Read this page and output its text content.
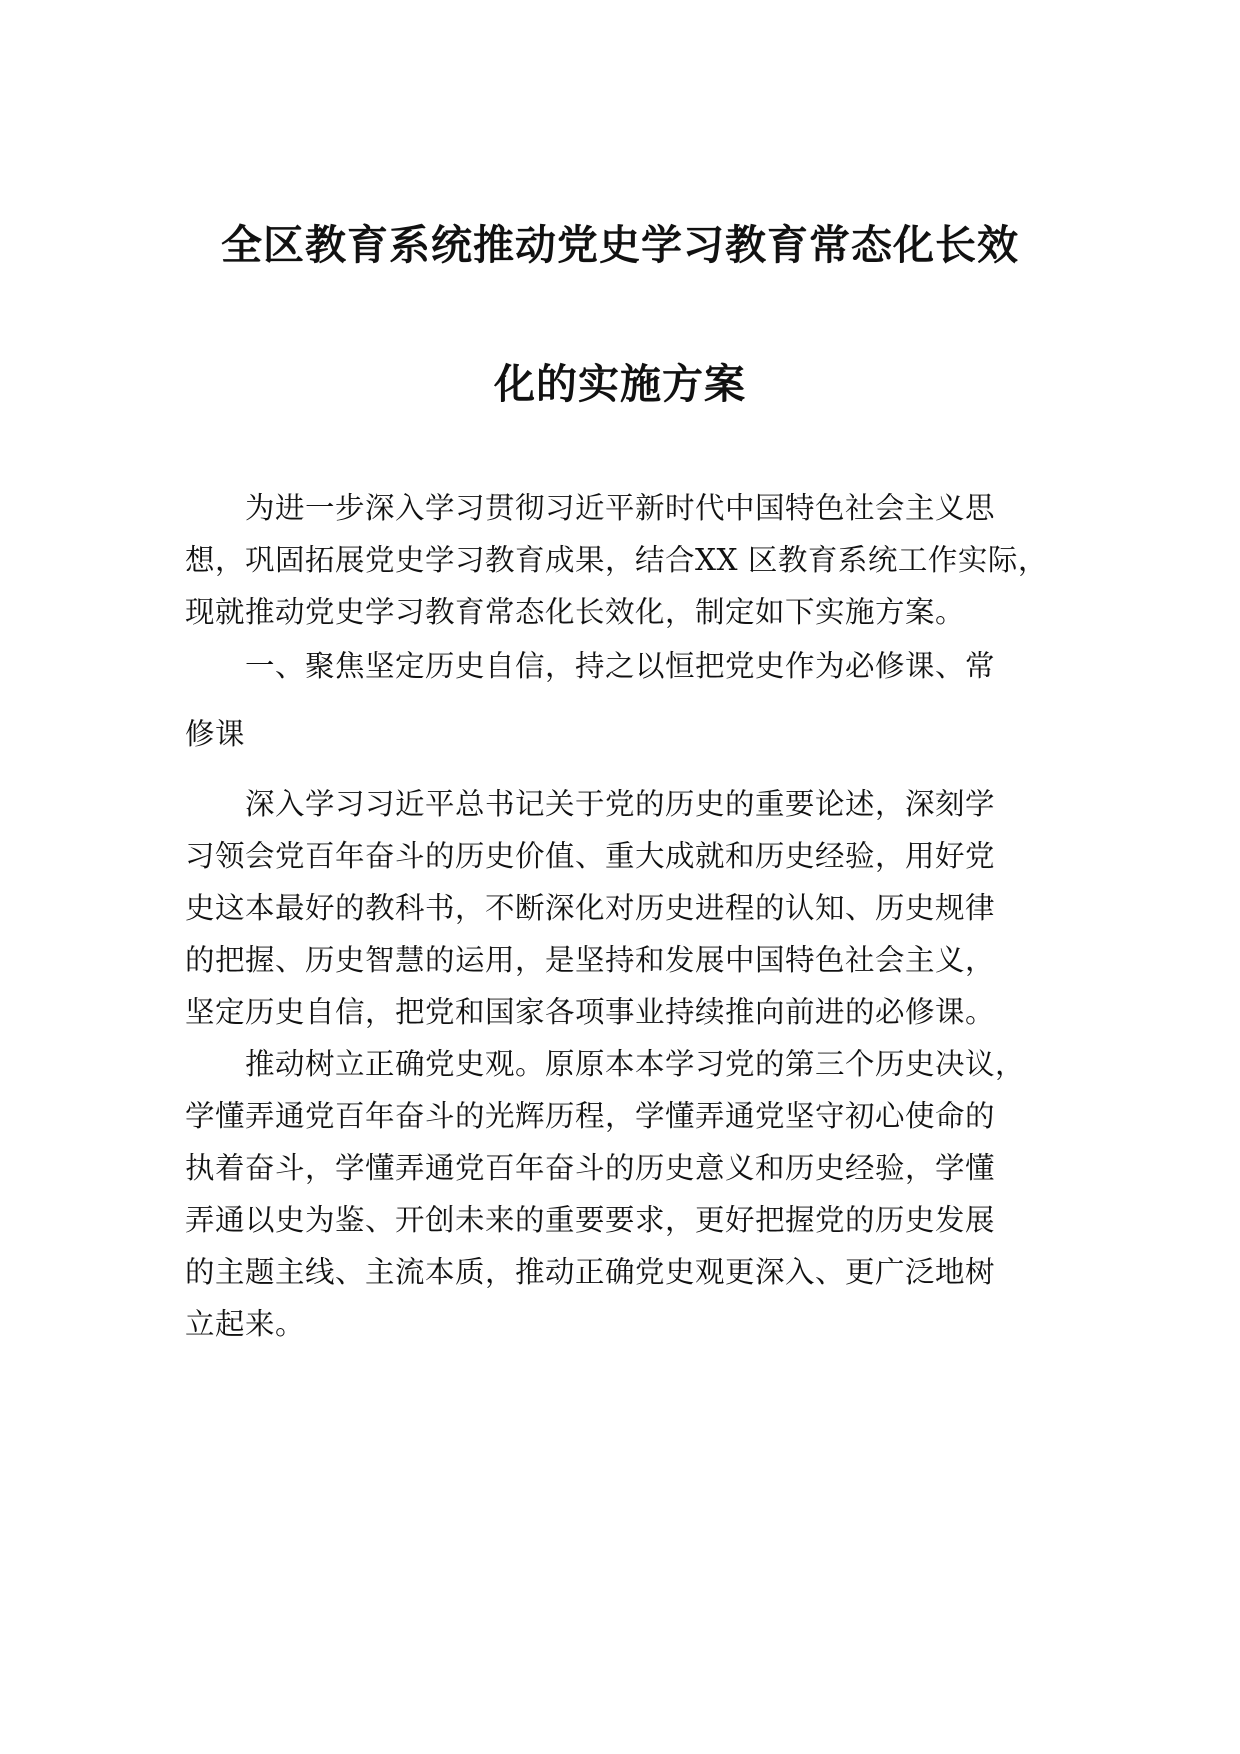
全区教育系统推动党史学习教育常态化长效
化的实施方案
为进一步深入学习贯彻习近平新时代中国特色社会主义思
想，巩固拓展党史学习教育成果，结合XX 区教育系统工作实际，
现就推动党史学习教育常态化长效化，制定如下实施方案。
一、聚焦坚定历史自信，持之以恒把党史作为必修课、常
修课
深入学习习近平总书记关于党的历史的重要论述，深刻学
习领会党百年奋斗的历史价值、重大成就和历史经验，用好党
史这本最好的教科书，不断深化对历史进程的认知、历史规律
的把握、历史智慧的运用，是坚持和发展中国特色社会主义，
坚定历史自信，把党和国家各项事业持续推向前进的必修课。
推动树立正确党史观。原原本本学习党的第三个历史决议，
学懂弄通党百年奋斗的光辉历程，学懂弄通党坚守初心使命的
执着奋斗，学懂弄通党百年奋斗的历史意义和历史经验，学懂
弄通以史为鉴、开创未来的重要要求，更好把握党的历史发展
的主题主线、主流本质，推动正确党史观更深入、更广泛地树
立起来。
